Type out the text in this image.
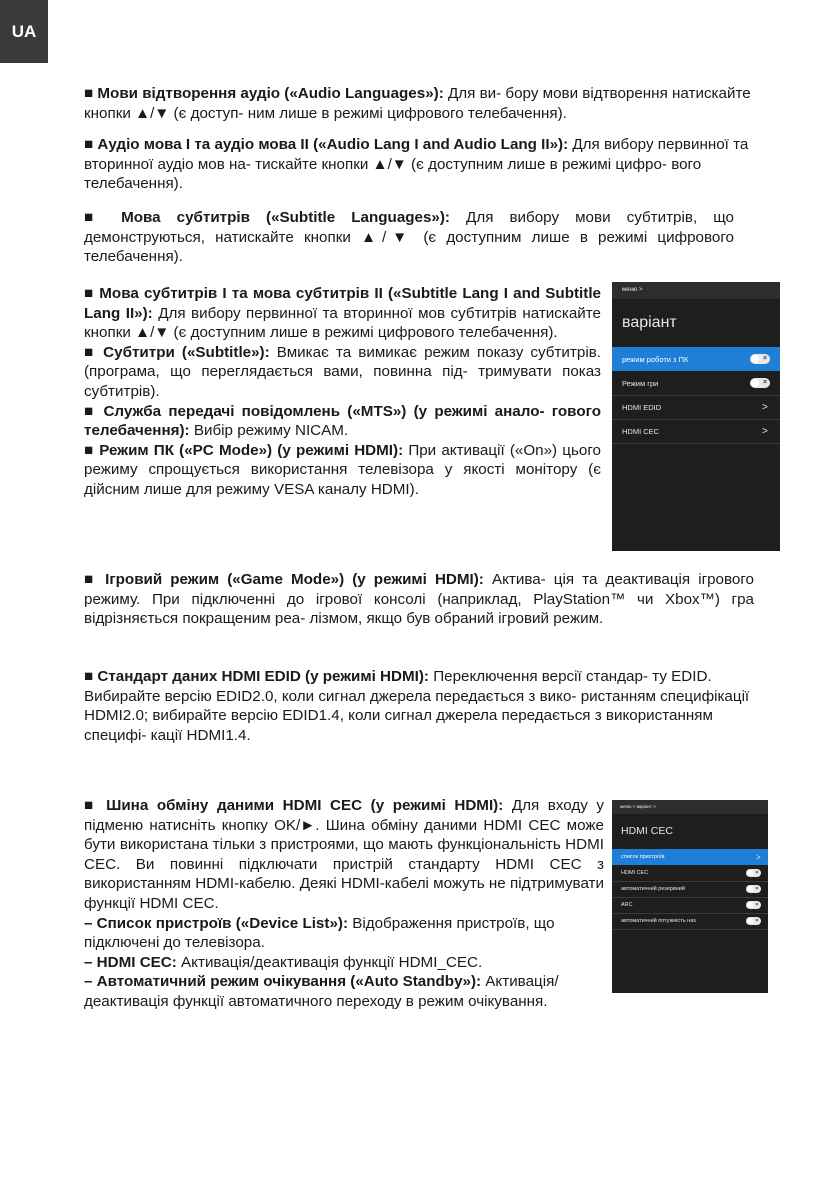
UA
■ Мови відтворення аудіо («Audio Languages»): Для ви- бору мови відтворення натискайте кнопки ▲/▼ (є доступ- ним лише в режимі цифрового телебачення).
■ Аудіо мова I та аудіо мова II («Audio Lang I and Audio Lang II»): Для вибору первинної та вторинної аудіо мов на- тискайте кнопки ▲/▼ (є доступним лише в режимі цифро- вого телебачення).
■ Мова субтитрів («Subtitle Languages»): Для вибору мови субтитрів, що демонструються, натискайте кнопки ▲/▼ (є доступним лише в режимі цифрового телебачення).
■ Мова субтитрів I та мова субтитрів II («Subtitle Lang I and Subtitle Lang II»): Для вибору первинної та вторинної мов субтитрів натискайте кнопки ▲/▼ (є доступним лише в режимі цифрового телебачення).
■ Субтитри («Subtitle»): Вмикає та вимикає режим показу субтитрів. (програма, що переглядається вами, повинна під- тримувати показ субтитрів).
■ Служба передачі повідомлень («MTS») (у режимі анало- гового телебачення): Вибір режиму NICAM.
■ Режим ПК («PC Mode») (у режимі HDMI): При активації («On») цього режиму спрощується використання телевізора у якості монітору (є дійсним лише для режиму VESA каналу HDMI).
■ Ігровий режим («Game Mode») (у режимі HDMI): Актива- ція та деактивація ігрового режиму. При підключенні до ігрової консолі (наприклад, PlayStation™ чи Xbox™) гра відрізняється покращеним реа- лізмом, якщо був обраний ігровий режим.
■ Стандарт даних HDMI EDID (у режимі HDMI): Переключення версії стандар- ту EDID. Вибирайте версію EDID2.0, коли сигнал джерела передається з вико- ристанням специфікації HDMI2.0; вибирайте версію EDID1.4, коли сигнал джерела передається з використанням специфі- кації HDMI1.4.
■ Шина обміну даними HDMI CEC (у режимі HDMI): Для входу у підменю натисніть кнопку OK/►. Шина обміну даними HDMI CEC може бути використана тільки з пристроями, що мають функціональність HDMI CEC. Ви повинні підключати пристрій стандарту HDMI CEC з використанням HDMI-кабелю. Деякі HDMI-кабелі можуть не підтримувати функції HDMI CEC.
– Список пристроїв («Device List»): Відображення пристроїв, що підключені до телевізора.
– HDMI CEC: Активація/деактивація функції HDMI_CEC.
– Автоматичний режим очікування («Auto Standby»): Активація/деактивація функції автоматичного переходу в режим очікування.
меню >
варіант
режим роботи з ПК	×
Режим гри	×
HDMI EDID	>
HDMI CEC	>
меню > варіант >
HDMI CEC
список пристроїв	>
HDMI CEC	×
автоматичний резервний	×
ARC	×
автоматичний потужність наз	×
